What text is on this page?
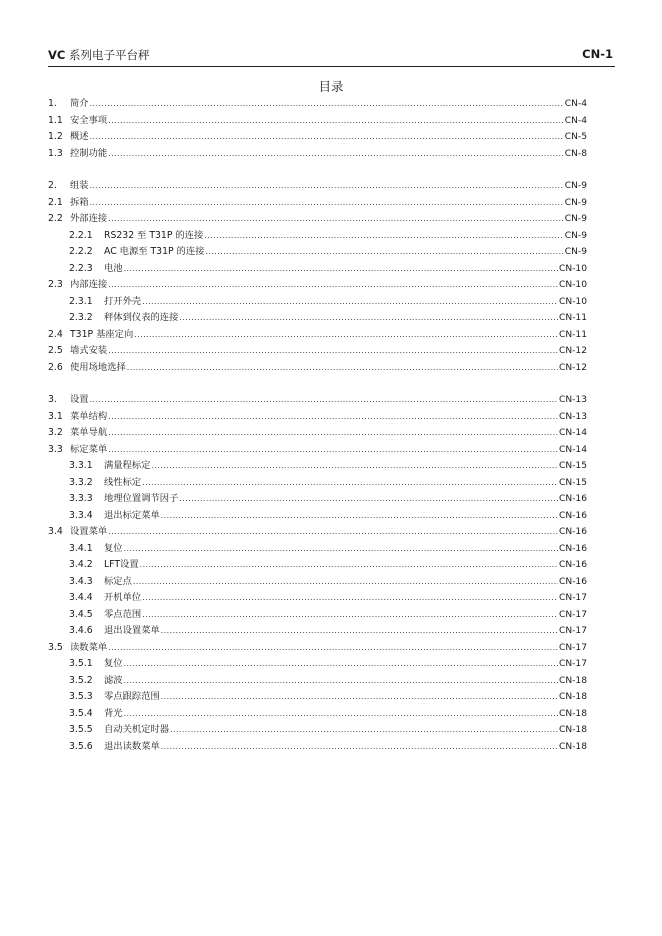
VC 系列电子平台秤	CN-1
目录
1.	简介 .....	CN-4
1.1 安全事项 .....	CN-4
1.2 概述 .....	CN-5
1.3 控制功能 .....	CN-8
2.	组装 .....	CN-9
2.1 拆箱 .....	CN-9
2.2 外部连接 .....	CN-9
2.2.1	RS232 至 T31P 的连接 .....	CN-9
2.2.2	AC 电源至 T31P 的连接 .....	CN-9
2.2.3	电池 .....	CN-10
2.3 内部连接 .....	CN-10
2.3.1	打开外壳 .....	CN-10
2.3.2	秤体到仪表的连接 .....	CN-11
2.4 T31P 基座定向 .....	CN-11
2.5 墙式安装 .....	CN-12
2.6 使用场地选择 .....	CN-12
3.	设置 .....	CN-13
3.1 菜单结构 .....	CN-13
3.2 菜单导航 .....	CN-14
3.3 标定菜单 .....	CN-14
3.3.1	满量程标定 .....	CN-15
3.3.2	线性标定 .....	CN-15
3.3.3	地理位置调节因子 .....	CN-16
3.3.4	退出标定菜单 .....	CN-16
3.4 设置菜单 .....	CN-16
3.4.1	复位 .....	CN-16
3.4.2	LFT设置 .....	CN-16
3.4.3	标定点 .....	CN-16
3.4.4	开机单位 .....	CN-17
3.4.5	零点范围 .....	CN-17
3.4.6	退出设置菜单 .....	CN-17
3.5 读数菜单 .....	CN-17
3.5.1	复位 .....	CN-17
3.5.2	滤波 .....	CN-18
3.5.3	零点跟踪范围 .....	CN-18
3.5.4	背光 .....	CN-18
3.5.5	自动关机定时器 .....	CN-18
3.5.6	退出读数菜单 .....	CN-18
